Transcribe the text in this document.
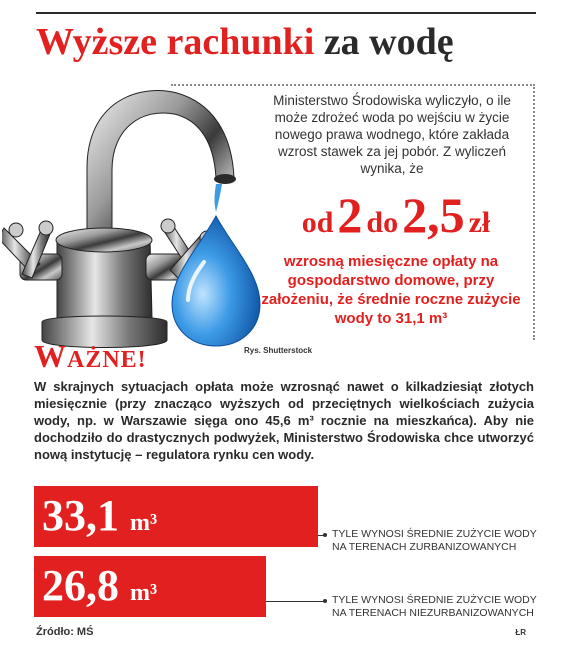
Wyższe rachunki za wodę
Ministerstwo Środowiska wyliczyło, o ile może zdrożeć woda po wejściu w życie nowego prawa wodnego, które zakłada wzrost stawek za jej pobór. Z wyliczeń wynika, że
od 2 do 2,5 zł
wzrosną miesięczne opłaty na gospodarstwo domowe, przy założeniu, że średnie roczne zużycie wody to 31,1 m³
Rys. Shutterstock
WAŻNE!
W skrajnych sytuacjach opłata może wzrosnąć nawet o kilkadziesiąt złotych miesięcznie (przy znacząco wyższych od przeciętnych wielkościach zużycia wody, np. w Warszawie sięga ono 45,6 m³ rocznie na mieszkańca). Aby nie dochodziło do drastycznych podwyżek, Ministerstwo Środowiska chce utworzyć nową instytucję – regulatora rynku cen wody.
33,1 m³	TYLE WYNOSI ŚREDNIE ZUŻYCIE WODY NA TERENACH ZURBANIZOWANYCH
26,8 m³	TYLE WYNOSI ŚREDNIE ZUŻYCIE WODY NA TERENACH NIEZURBANIZOWANYCH
Źródło: MŚ	ŁR
